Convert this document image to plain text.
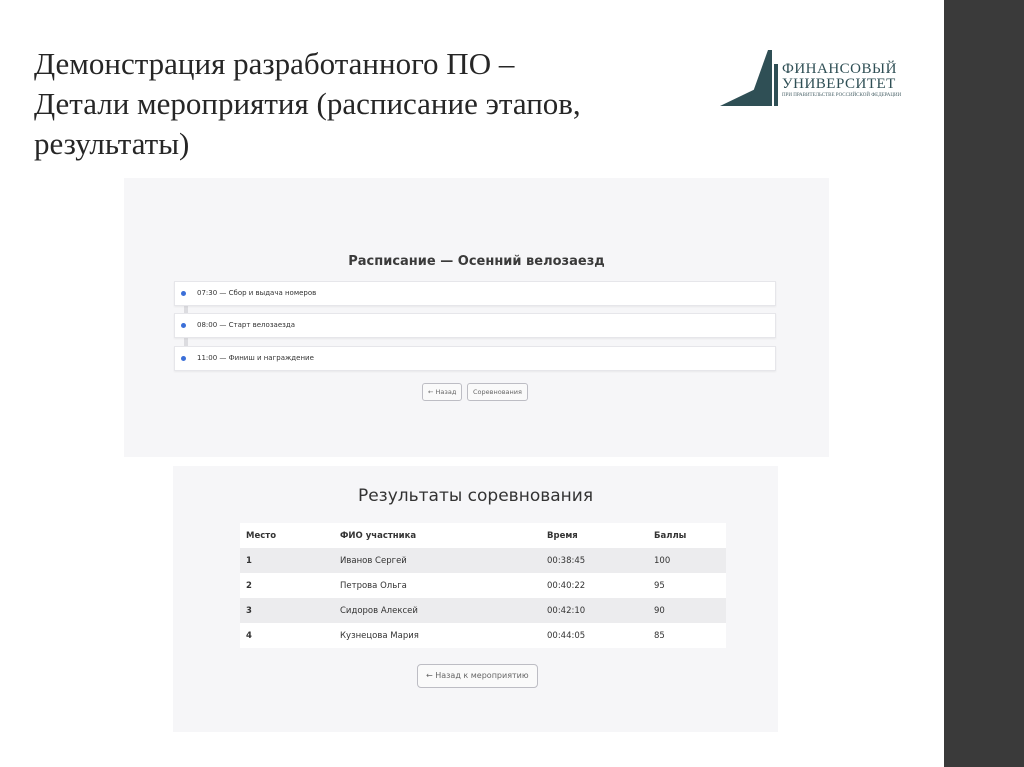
Демонстрация разработанного ПО –
Детали мероприятия (расписание этапов,
результаты)
ФИНАНСОВЫЙ
УНИВЕРСИТЕТ
ПРИ ПРАВИТЕЛЬСТВЕ РОССИЙСКОЙ ФЕДЕРАЦИИ
Расписание — Осенний велозаезд
07:30 — Сбор и выдача номеров
08:00 — Старт велозаезда
11:00 — Финиш и награждение
← Назад	Соревнования
Результаты соревнования
Место	ФИО участника	Время	Баллы
1	Иванов Сергей	00:38:45	100
2	Петрова Ольга	00:40:22	95
3	Сидоров Алексей	00:42:10	90
4	Кузнецова Мария	00:44:05	85
← Назад к мероприятию
